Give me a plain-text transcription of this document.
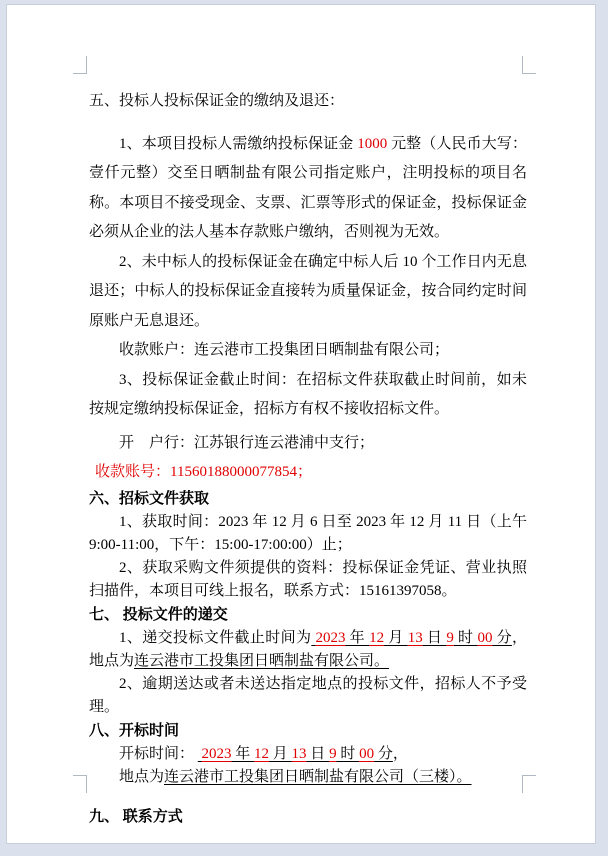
五、投标人投标保证金的缴纳及退还：

1、本项目投标人需缴纳投标保证金 1000 元整（人民币大写：壹仟元整）交至日晒制盐有限公司指定账户，注明投标的项目名称。本项目不接受现金、支票、汇票等形式的保证金，投标保证金必须从企业的法人基本存款账户缴纳，否则视为无效。

2、未中标人的投标保证金在确定中标人后 10 个工作日内无息退还；中标人的投标保证金直接转为质量保证金，按合同约定时间原账户无息退还。

收款账户：连云港市工投集团日晒制盐有限公司；

3、投标保证金截止时间：在招标文件获取截止时间前，如未按规定缴纳投标保证金，招标方有权不接收招标文件。

开　户行：江苏银行连云港浦中支行；

收款账号：11560188000077854；

六、招标文件获取

1、获取时间：2023 年 12 月 6 日至 2023 年 12 月 11 日（上午 9:00-11:00，下午：15:00-17:00:00）止；

2、获取采购文件须提供的资料：投标保证金凭证、营业执照扫描件，本项目可线上报名，联系方式：15161397058。

七、 投标文件的递交

1、递交投标文件截止时间为 2023 年 12 月 13 日 9 时 00 分，地点为连云港市工投集团日晒制盐有限公司。

2、逾期送达或者未送达指定地点的投标文件，招标人不予受理。

八、开标时间

开标时间：  2023 年 12 月 13 日 9 时 00 分，

地点为连云港市工投集团日晒制盐有限公司（三楼）。

九、 联系方式
